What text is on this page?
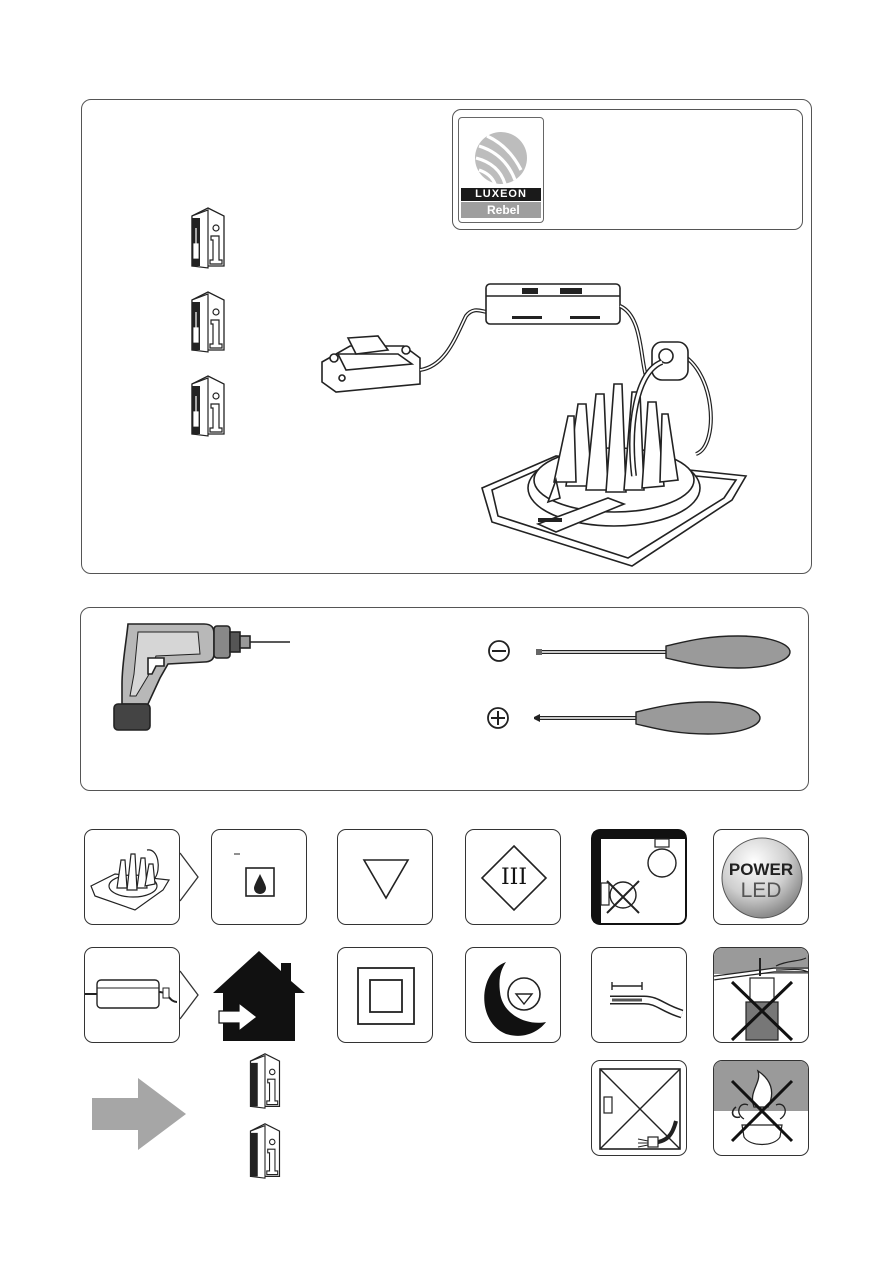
LUXEON
Rebel
III	POWER
LED
